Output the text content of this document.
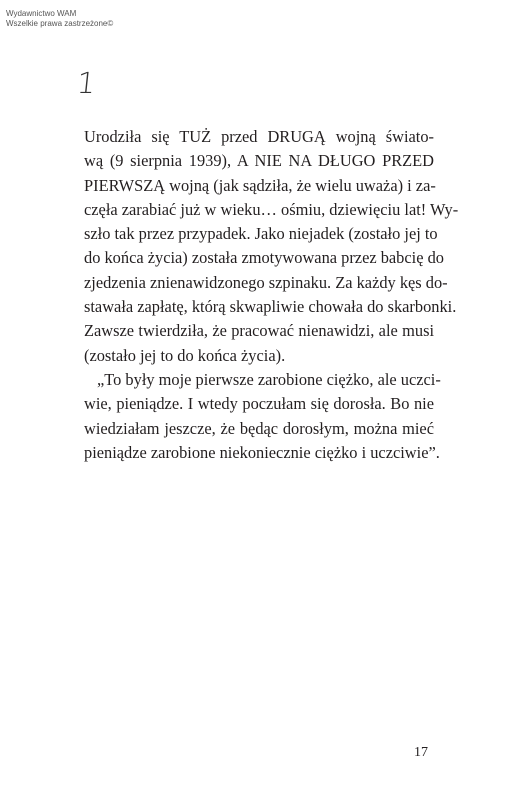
Wydawnictwo WAM
Wszelkie prawa zastrzeżone©
1
Urodziła się TUŻ przed DRUGĄ wojną świato-
wą (9 sierpnia 1939), A NIE NA DŁUGO PRZED
PIERWSZĄ wojną (jak sądziła, że wielu uważa) i za-
częła zarabiać już w wieku… ośmiu, dziewięciu lat! Wy-
szło tak przez przypadek. Jako niejadek (zostało jej to
do końca życia) została zmotywowana przez babcię do
zjedzenia znienawidzonego szpinaku. Za każdy kęs do-
stawała zapłatę, którą skwapliwie chowała do skarbonki.
Zawsze twierdziła, że pracować nienawidzi, ale musi
(zostało jej to do końca życia).
„To były moje pierwsze zarobione ciężko, ale uczci-
wie, pieniądze. I wtedy poczułam się dorosła. Bo nie
wiedziałam jeszcze, że będąc dorosłym, można mieć
pieniądze zarobione niekoniecznie ciężko i uczciwie”.
17
